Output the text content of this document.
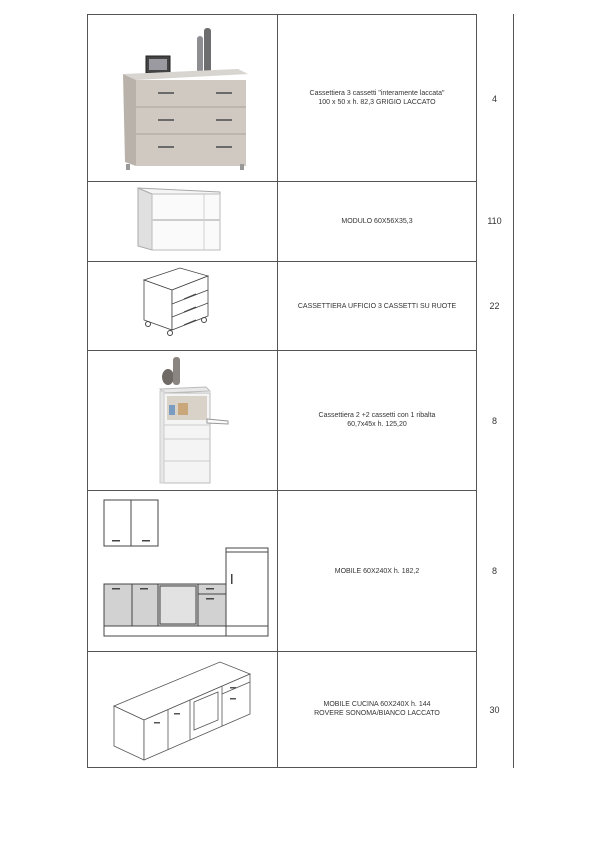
Cassettiera 3 cassetti "interamente laccata"
100 x 50 x h. 82,3 GRIGIO LACCATO	4
MODULO 60X56X35,3	110
CASSETTIERA UFFICIO 3 CASSETTI SU RUOTE	22
Cassettiera 2 +2 cassetti con 1 ribalta
60,7x45x h. 125,20	8
MOBILE 60X240X h. 182,2	8
MOBILE CUCINA 60X240X h. 144
ROVERE SONOMA/BIANCO LACCATO	30
